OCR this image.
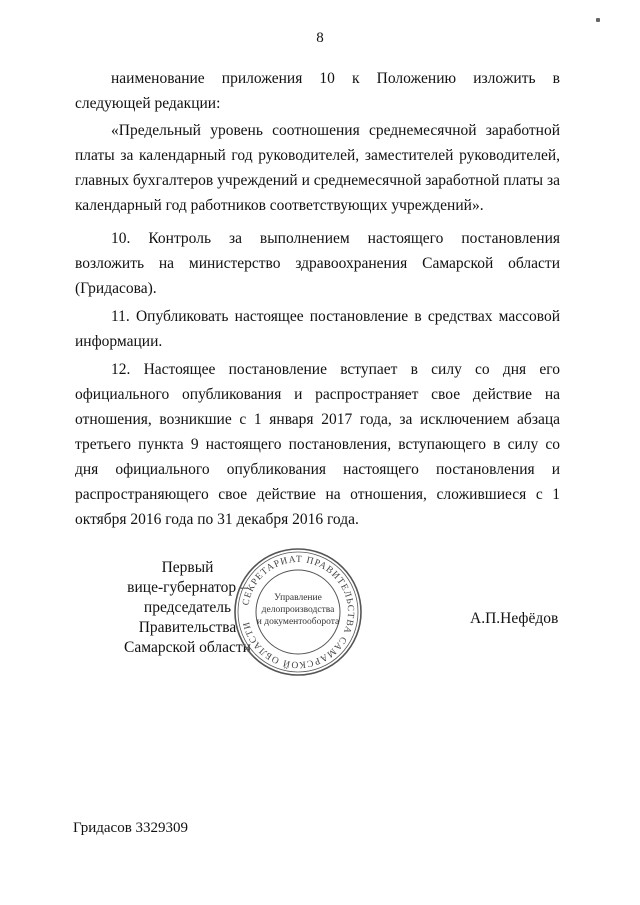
8

наименование приложения 10 к Положению изложить в следующей редакции:

«Предельный уровень соотношения среднемесячной заработной платы за календарный год руководителей, заместителей руководителей, главных бухгалтеров учреждений и среднемесячной заработной платы за календарный год работников соответствующих учреждений».

10. Контроль за выполнением настоящего постановления возложить на министерство здравоохранения Самарской области (Гридасова).

11. Опубликовать настоящее постановление в средствах массовой информации.

12. Настоящее постановление вступает в силу со дня его официального опубликования и распространяет свое действие на отношения, возникшие с 1 января 2017 года, за исключением абзаца третьего пункта 9 настоящего постановления, вступающего в силу со дня официального опубликования настоящего постановления и распространяющего свое действие на отношения, сложившиеся с 1 октября 2016 года по 31 декабря 2016 года.

Первый
вице-губернатор –
председатель Правительства
Самарской области
СЕКРЕТАРИАТ ПРАВИТЕЛЬСТВА САМАРСКОЙ ОБЛАСТИ
Управление
делопроизводства
и документооборота	А.П.Нефёдов
Гридасов 3329309
